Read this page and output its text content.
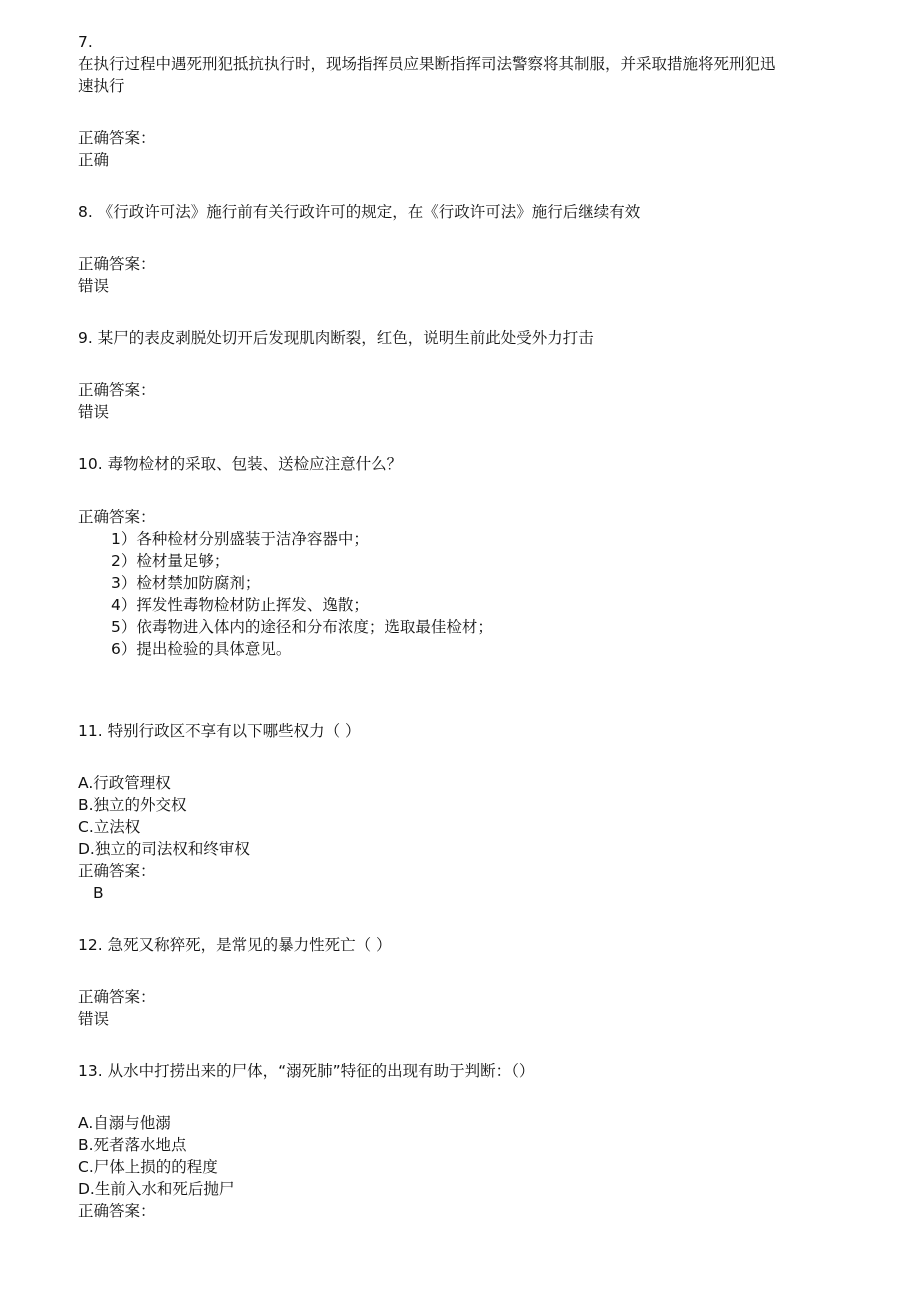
7.
在执行过程中遇死刑犯抵抗执行时，现场指挥员应果断指挥司法警察将其制服，并采取措施将死刑犯迅
速执行
正确答案：
正确
8. 《行政许可法》施行前有关行政许可的规定，在《行政许可法》施行后继续有效
正确答案：
错误
9. 某尸的表皮剥脱处切开后发现肌肉断裂，红色，说明生前此处受外力打击
正确答案：
错误
10. 毒物检材的采取、包装、送检应注意什么？
正确答案：
1）各种检材分别盛装于洁净容器中；
2）检材量足够；
3）检材禁加防腐剂；
4）挥发性毒物检材防止挥发、逸散；
5）依毒物进入体内的途径和分布浓度；选取最佳检材；
6）提出检验的具体意见。
11. 特别行政区不享有以下哪些权力（ ）
A.行政管理权
B.独立的外交权
C.立法权
D.独立的司法权和终审权
正确答案：
B
12. 急死又称猝死，是常见的暴力性死亡（ ）
正确答案：
错误
13. 从水中打捞出来的尸体，“溺死肺”特征的出现有助于判断：（）
A.自溺与他溺
B.死者落水地点
C.尸体上损的的程度
D.生前入水和死后抛尸
正确答案：
